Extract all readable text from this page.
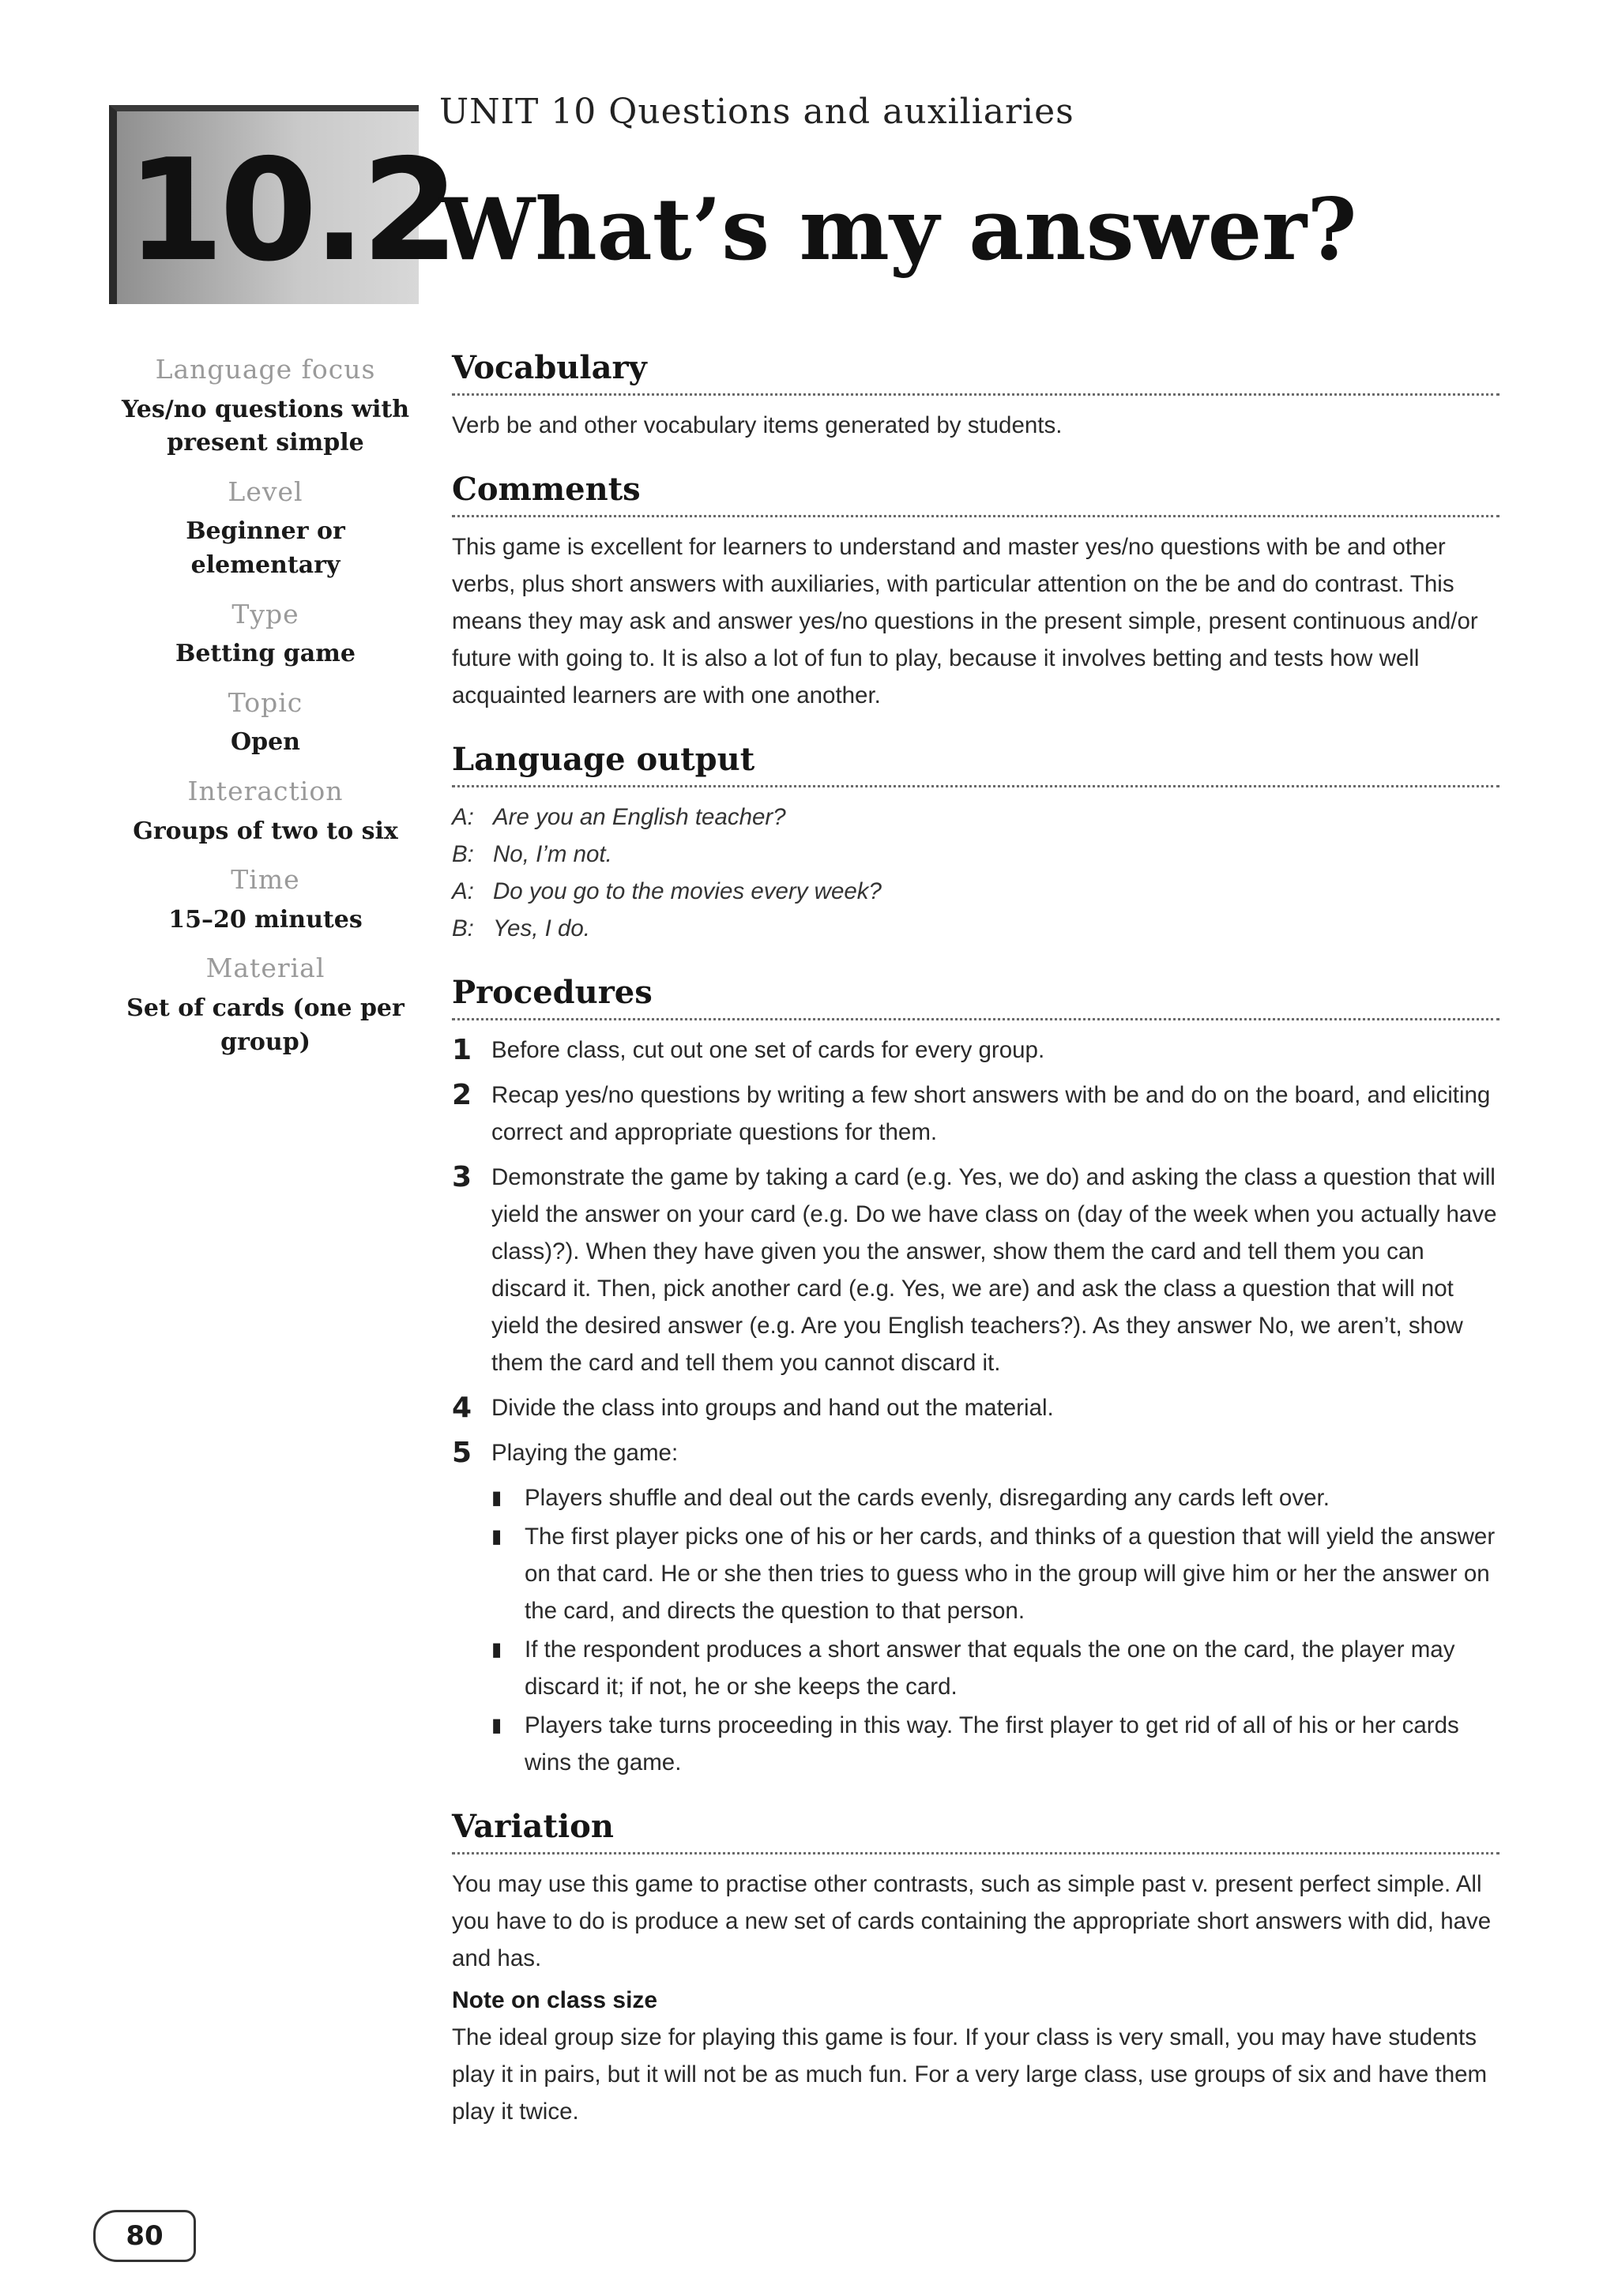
10.2
UNIT 10 Questions and auxiliaries
What’s my answer?
Language focus
Yes/no questions with present simple
Level
Beginner or elementary
Type
Betting game
Topic
Open
Interaction
Groups of two to six
Time
15–20 minutes
Material
Set of cards (one per group)
Vocabulary

Verb be and other vocabulary items generated by students.

Comments

This game is excellent for learners to understand and master yes/no questions with be and other verbs, plus short answers with auxiliaries, with particular attention on the be and do contrast. This means they may ask and answer yes/no questions in the present simple, present continuous and/or future with going to. It is also a lot of fun to play, because it involves betting and tests how well acquainted learners are with one another.

Language output
A: Are you an English teacher?
B: No, I’m not.
A: Do you go to the movies every week?
B: Yes, I do.
Procedures
1 Before class, cut out one set of cards for every group.
2 Recap yes/no questions by writing a few short answers with be and do on the board, and eliciting correct and appropriate questions for them.
3 Demonstrate the game by taking a card (e.g. Yes, we do) and asking the class a question that will yield the answer on your card (e.g. Do we have class on (day of the week when you actually have class)?). When they have given you the answer, show them the card and tell them you can discard it. Then, pick another card (e.g. Yes, we are) and ask the class a question that will not yield the desired answer (e.g. Are you English teachers?). As they answer No, we aren’t, show them the card and tell them you cannot discard it.
4 Divide the class into groups and hand out the material.
5 Playing the game:
▮ Players shuffle and deal out the cards evenly, disregarding any cards left over.
▮ The first player picks one of his or her cards, and thinks of a question that will yield the answer on that card. He or she then tries to guess who in the group will give him or her the answer on the card, and directs the question to that person.
▮ If the respondent produces a short answer that equals the one on the card, the player may discard it; if not, he or she keeps the card.
▮ Players take turns proceeding in this way. The first player to get rid of all of his or her cards wins the game.
Variation

You may use this game to practise other contrasts, such as simple past v. present perfect simple. All you have to do is produce a new set of cards containing the appropriate short answers with did, have and has.

Note on class size

The ideal group size for playing this game is four. If your class is very small, you may have students play it in pairs, but it will not be as much fun. For a very large class, use groups of six and have them play it twice.

80
